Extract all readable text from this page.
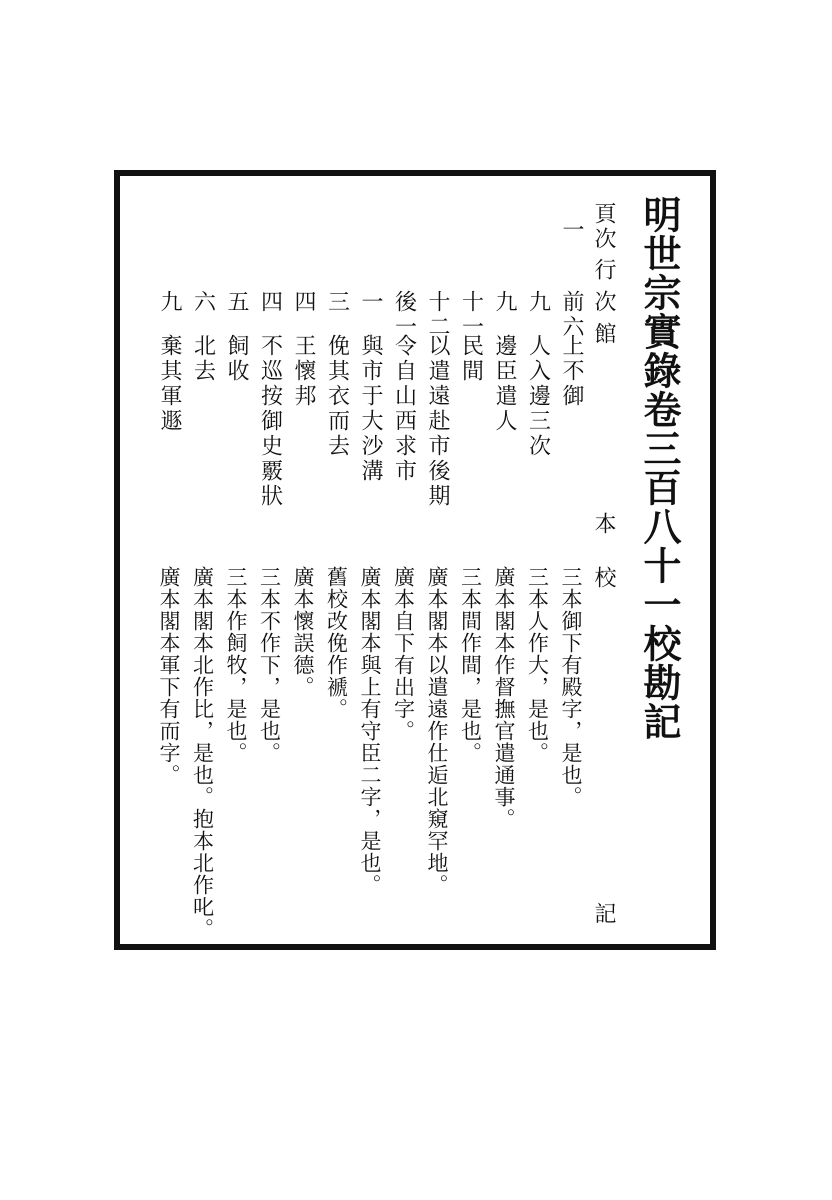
明世宗實錄卷三百八十一校勘記
頁次
行次
館
本
校
記
一
前六
上不御
三本御下有殿字，是也。
九
人入邊三次
三本人作大，是也。
九
邊臣遣人
廣本閣本作督撫官遣通事。
十一
民間
三本間作間，是也。
十二
以遣遠赴市後期
廣本閣本以遣遠作仕逅北窺罕地。
後一
令自山西求市
廣本自下有出字。
一
與市于大沙溝
廣本閣本與上有守臣二字，是也。
三
俛其衣而去
舊校改俛作褫。
四
王懷邦
廣本懷誤德。
四
不巡按御史覈狀
三本不作下，是也。
五
飼收
三本作飼牧，是也。
六
北去
廣本閣本北作比，是也。抱本北作叱。
九
棄其軍遯
廣本閣本軍下有而字。
